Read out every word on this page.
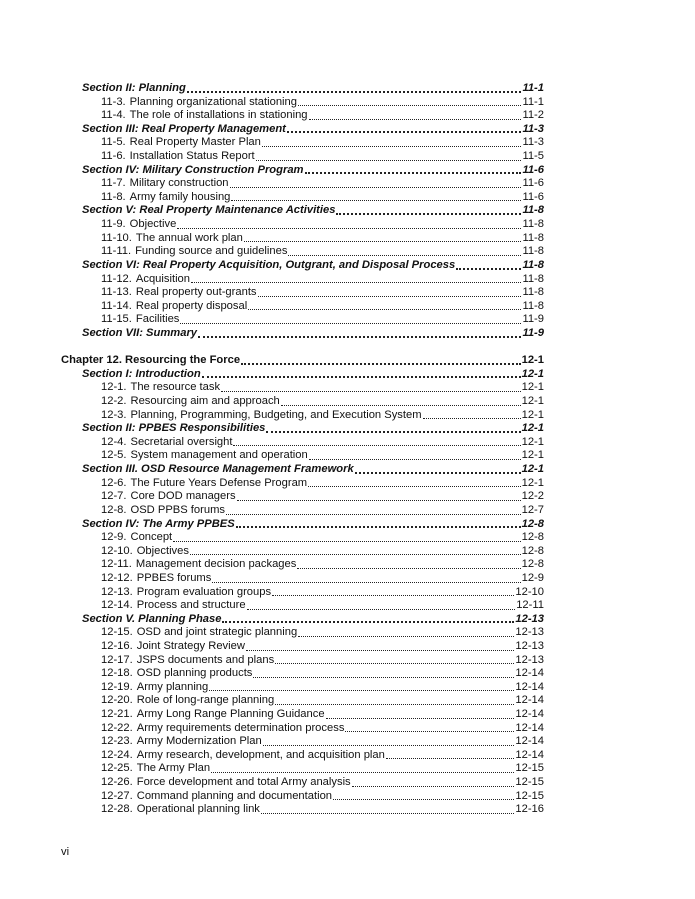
Section II: Planning	11-1
11-3. Planning organizational stationing	11-1
11-4. The role of installations in stationing	11-2
Section III: Real Property Management	11-3
11-5. Real Property Master Plan	11-3
11-6. Installation Status Report	11-5
Section IV: Military Construction Program	11-6
11-7. Military construction	11-6
11-8. Army family housing	11-6
Section V: Real Property Maintenance Activities	11-8
11-9. Objective	11-8
11-10. The annual work plan	11-8
11-11. Funding source and guidelines	11-8
Section VI: Real Property Acquisition, Outgrant, and Disposal Process	11-8
11-12. Acquisition	11-8
11-13. Real property out-grants	11-8
11-14. Real property disposal	11-8
11-15. Facilities	11-9
Section VII: Summary	11-9
Chapter 12. Resourcing the Force	12-1
Section I: Introduction	12-1
12-1. The resource task	12-1
12-2. Resourcing aim and approach	12-1
12-3. Planning, Programming, Budgeting, and Execution System	12-1
Section II: PPBES Responsibilities	12-1
12-4. Secretarial oversight	12-1
12-5. System management and operation	12-1
Section III. OSD Resource Management Framework	12-1
12-6. The Future Years Defense Program	12-1
12-7. Core DOD managers	12-2
12-8. OSD PPBS forums	12-7
Section IV: The Army PPBES	12-8
12-9. Concept	12-8
12-10. Objectives	12-8
12-11. Management decision packages	12-8
12-12. PPBES forums	12-9
12-13. Program evaluation groups	12-10
12-14. Process and structure	12-11
Section V. Planning Phase	12-13
12-15. OSD and joint strategic planning	12-13
12-16. Joint Strategy Review	12-13
12-17. JSPS documents and plans	12-13
12-18. OSD planning products	12-14
12-19. Army planning	12-14
12-20. Role of long-range planning	12-14
12-21. Army Long Range Planning Guidance	12-14
12-22. Army requirements determination process	12-14
12-23. Army Modernization Plan	12-14
12-24. Army research, development, and acquisition plan	12-14
12-25. The Army Plan	12-15
12-26. Force development and total Army analysis	12-15
12-27. Command planning and documentation	12-15
12-28. Operational planning link	12-16
vi
